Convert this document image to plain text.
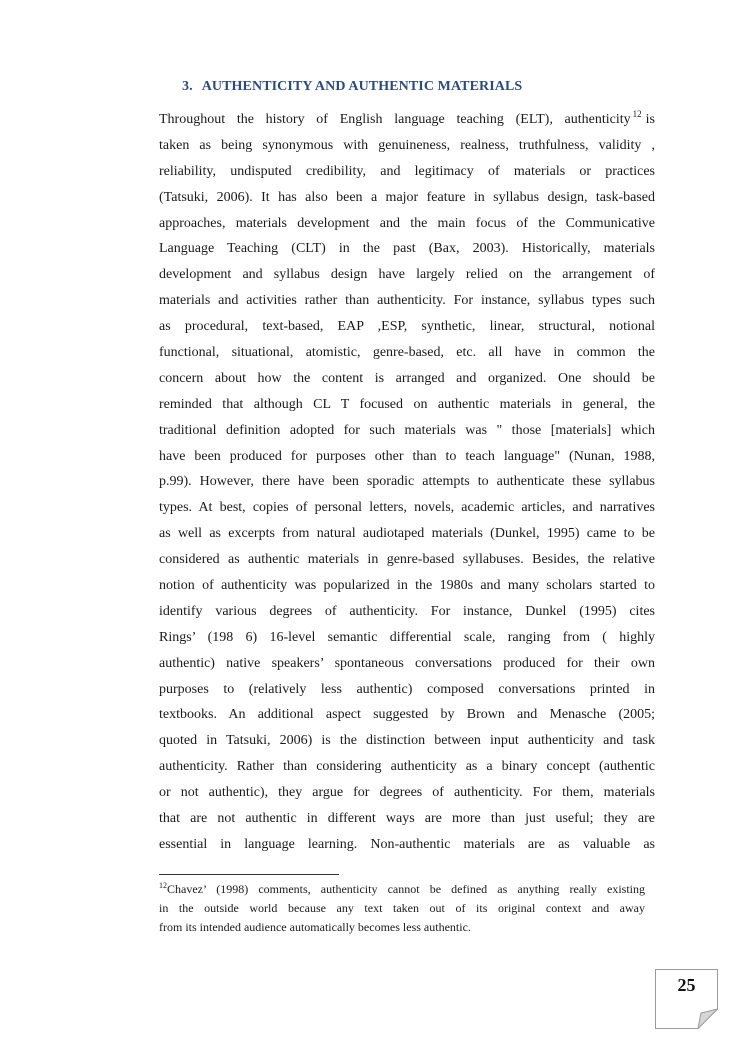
3. AUTHENTICITY AND AUTHENTIC MATERIALS
Throughout the history of English language teaching (ELT), authenticity $^{12}$ is
taken as being synonymous with genuineness, realness, truthfulness, validity ,
reliability, undisputed credibility, and legitimacy of materials or practices
(Tatsuki, 2006). It has also been a major feature in syllabus design, task-based
approaches, materials development and the main focus of the Communicative
Language Teaching (CLT) in the past (Bax, 2003). Historically, materials
development and syllabus design have largely relied on the arrangement of
materials and activities rather than authenticity. For instance, syllabus types such
as procedural, text-based, EAP ,ESP, synthetic, linear, structural, notional
functional, situational, atomistic, genre-based, etc. all have in common the
concern about how the content is arranged and organized. One should be
reminded that although CL T focused on authentic materials in general, the
traditional definition adopted for such materials was " those [materials] which
have been produced for purposes other than to teach language" (Nunan, 1988,
p.99). However, there have been sporadic attempts to authenticate these syllabus
types. At best, copies of personal letters, novels, academic articles, and narratives
as well as excerpts from natural audiotaped materials (Dunkel, 1995) came to be
considered as authentic materials in genre-based syllabuses. Besides, the relative
notion of authenticity was popularized in the 1980s and many scholars started to
identify various degrees of authenticity. For instance, Dunkel (1995) cites
Rings’ (198 6) 16-level semantic differential scale, ranging from ( highly
authentic) native speakers’ spontaneous conversations produced for their own
purposes to (relatively less authentic) composed conversations printed in
textbooks. An additional aspect suggested by Brown and Menasche (2005;
quoted in Tatsuki, 2006) is the distinction between input authenticity and task
authenticity. Rather than considering authenticity as a binary concept (authentic
or not authentic), they argue for degrees of authenticity. For them, materials
that are not authentic in different ways are more than just useful; they are
essential in language learning. Non-authentic materials are as valuable as
$^{12}$Chavez’ (1998) comments, authenticity cannot be defined as anything really existing
in the outside world because any text taken out of its original context and away
from its intended audience automatically becomes less authentic.
25
